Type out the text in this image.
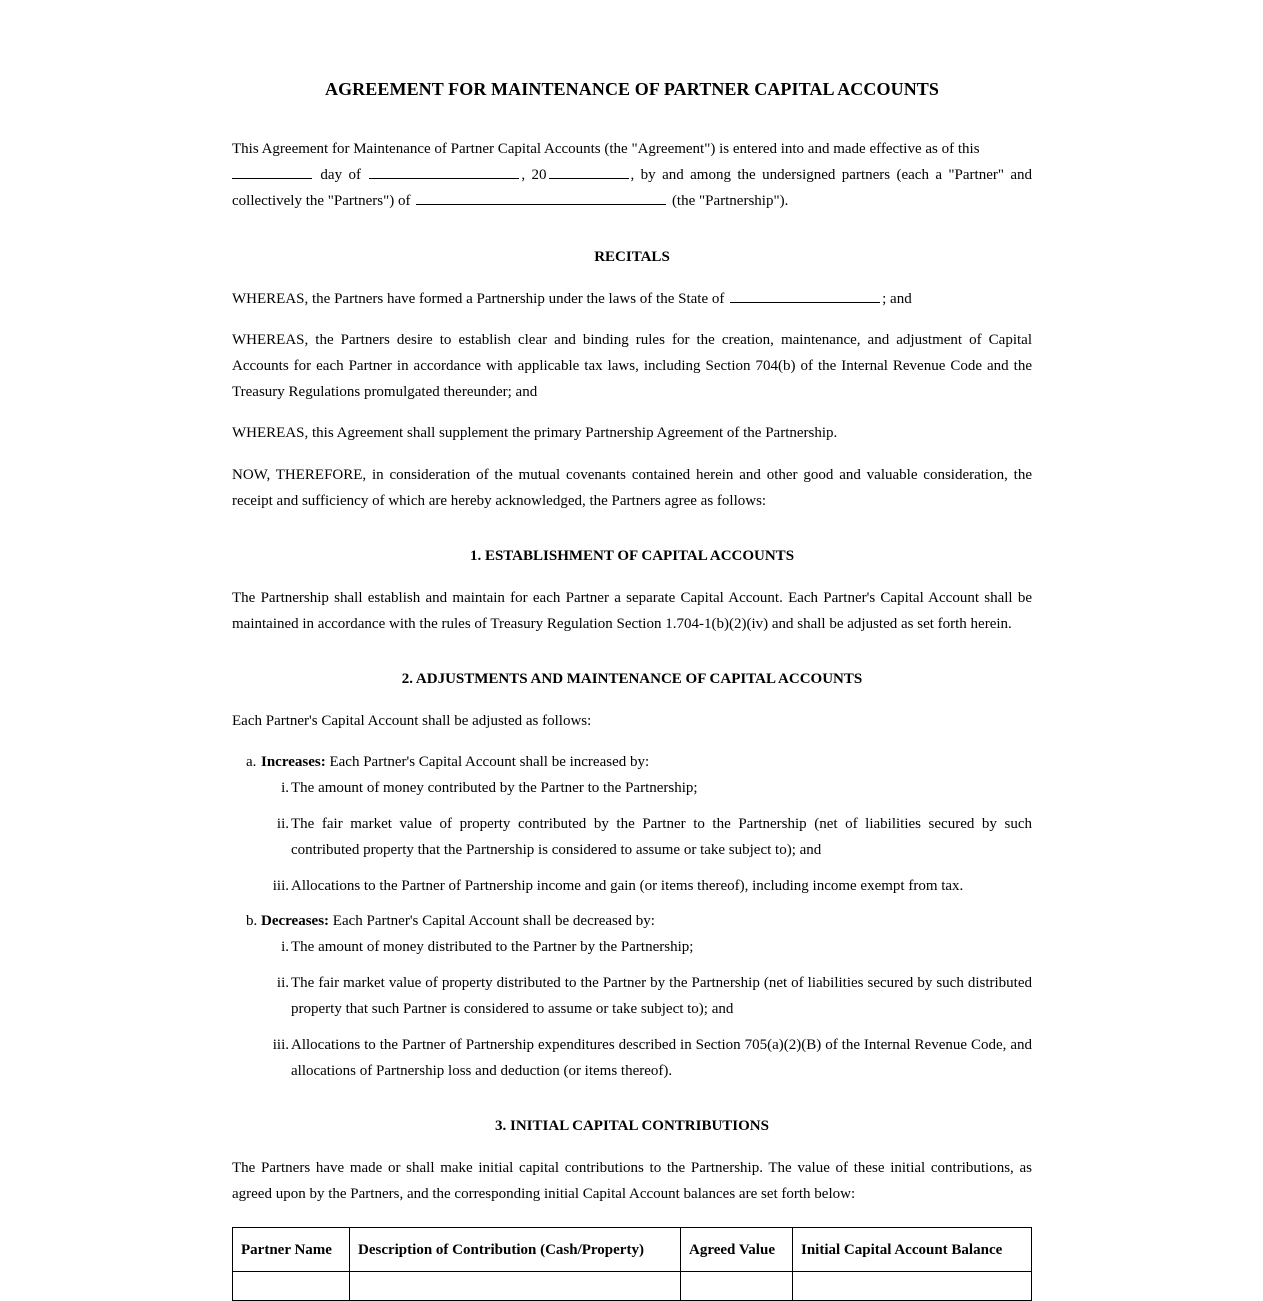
AGREEMENT FOR MAINTENANCE OF PARTNER CAPITAL ACCOUNTS

This Agreement for Maintenance of Partner Capital Accounts (the "Agreement") is entered into and made effective as of this
day of	, 20	, by and among the undersigned partners (each a "Partner" and collectively the "Partners") of	(the "Partnership").

RECITALS

WHEREAS, the Partners have formed a Partnership under the laws of the State of	; and

WHEREAS, the Partners desire to establish clear and binding rules for the creation, maintenance, and adjustment of Capital Accounts for each Partner in accordance with applicable tax laws, including Section 704(b) of the Internal Revenue Code and the Treasury Regulations promulgated thereunder; and

WHEREAS, this Agreement shall supplement the primary Partnership Agreement of the Partnership.

NOW, THEREFORE, in consideration of the mutual covenants contained herein and other good and valuable consideration, the receipt and sufficiency of which are hereby acknowledged, the Partners agree as follows:

1. ESTABLISHMENT OF CAPITAL ACCOUNTS

The Partnership shall establish and maintain for each Partner a separate Capital Account. Each Partner's Capital Account shall be maintained in accordance with the rules of Treasury Regulation Section 1.704-1(b)(2)(iv) and shall be adjusted as set forth herein.

2. ADJUSTMENTS AND MAINTENANCE OF CAPITAL ACCOUNTS

Each Partner's Capital Account shall be adjusted as follows:

a. Increases: Each Partner's Capital Account shall be increased by:
i. The amount of money contributed by the Partner to the Partnership;
ii. The fair market value of property contributed by the Partner to the Partnership (net of liabilities secured by such contributed property that the Partnership is considered to assume or take subject to); and
iii. Allocations to the Partner of Partnership income and gain (or items thereof), including income exempt from tax.
b. Decreases: Each Partner's Capital Account shall be decreased by:
i. The amount of money distributed to the Partner by the Partnership;
ii. The fair market value of property distributed to the Partner by the Partnership (net of liabilities secured by such distributed property that such Partner is considered to assume or take subject to); and
iii. Allocations to the Partner of Partnership expenditures described in Section 705(a)(2)(B) of the Internal Revenue Code, and allocations of Partnership loss and deduction (or items thereof).
3. INITIAL CAPITAL CONTRIBUTIONS

The Partners have made or shall make initial capital contributions to the Partnership. The value of these initial contributions, as agreed upon by the Partners, and the corresponding initial Capital Account balances are set forth below:

Partner Name	Description of Contribution (Cash/Property)	Agreed Value	Initial Capital Account Balance
